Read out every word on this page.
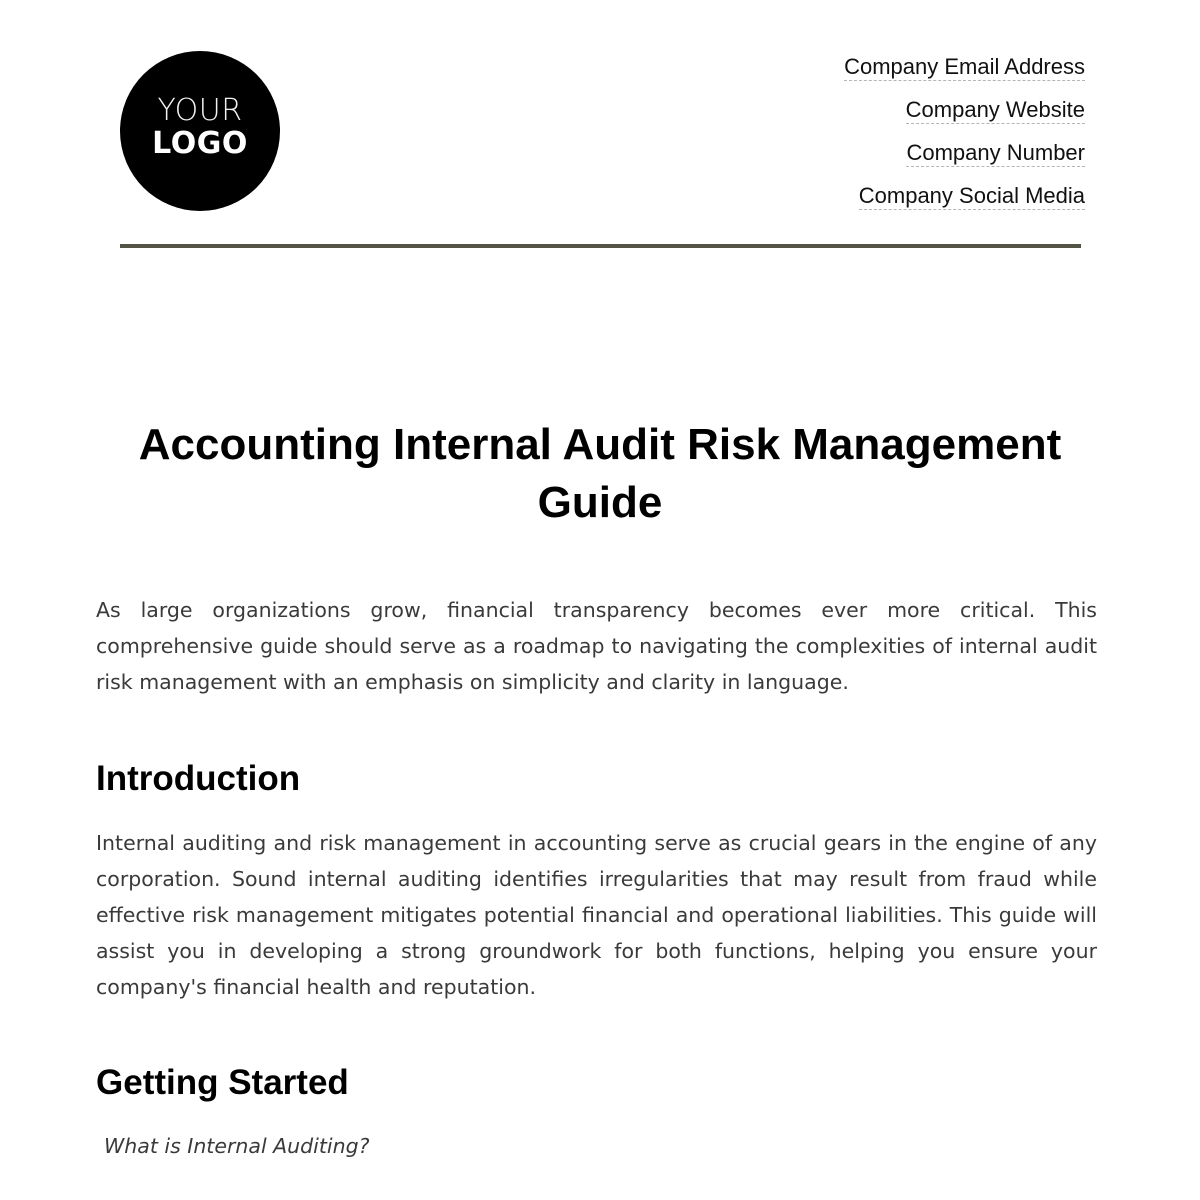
YOUR
LOGO
Company Email Address
Company Website
Company Number
Company Social Media
Accounting Internal Audit Risk Management Guide

As large organizations grow, financial transparency becomes ever more critical. This comprehensive guide should serve as a roadmap to navigating the complexities of internal audit risk management with an emphasis on simplicity and clarity in language.

Introduction

Internal auditing and risk management in accounting serve as crucial gears in the engine of any corporation. Sound internal auditing identifies irregularities that may result from fraud while effective risk management mitigates potential financial and operational liabilities. This guide will assist you in developing a strong groundwork for both functions, helping you ensure your company's financial health and reputation.

Getting Started

What is Internal Auditing?
